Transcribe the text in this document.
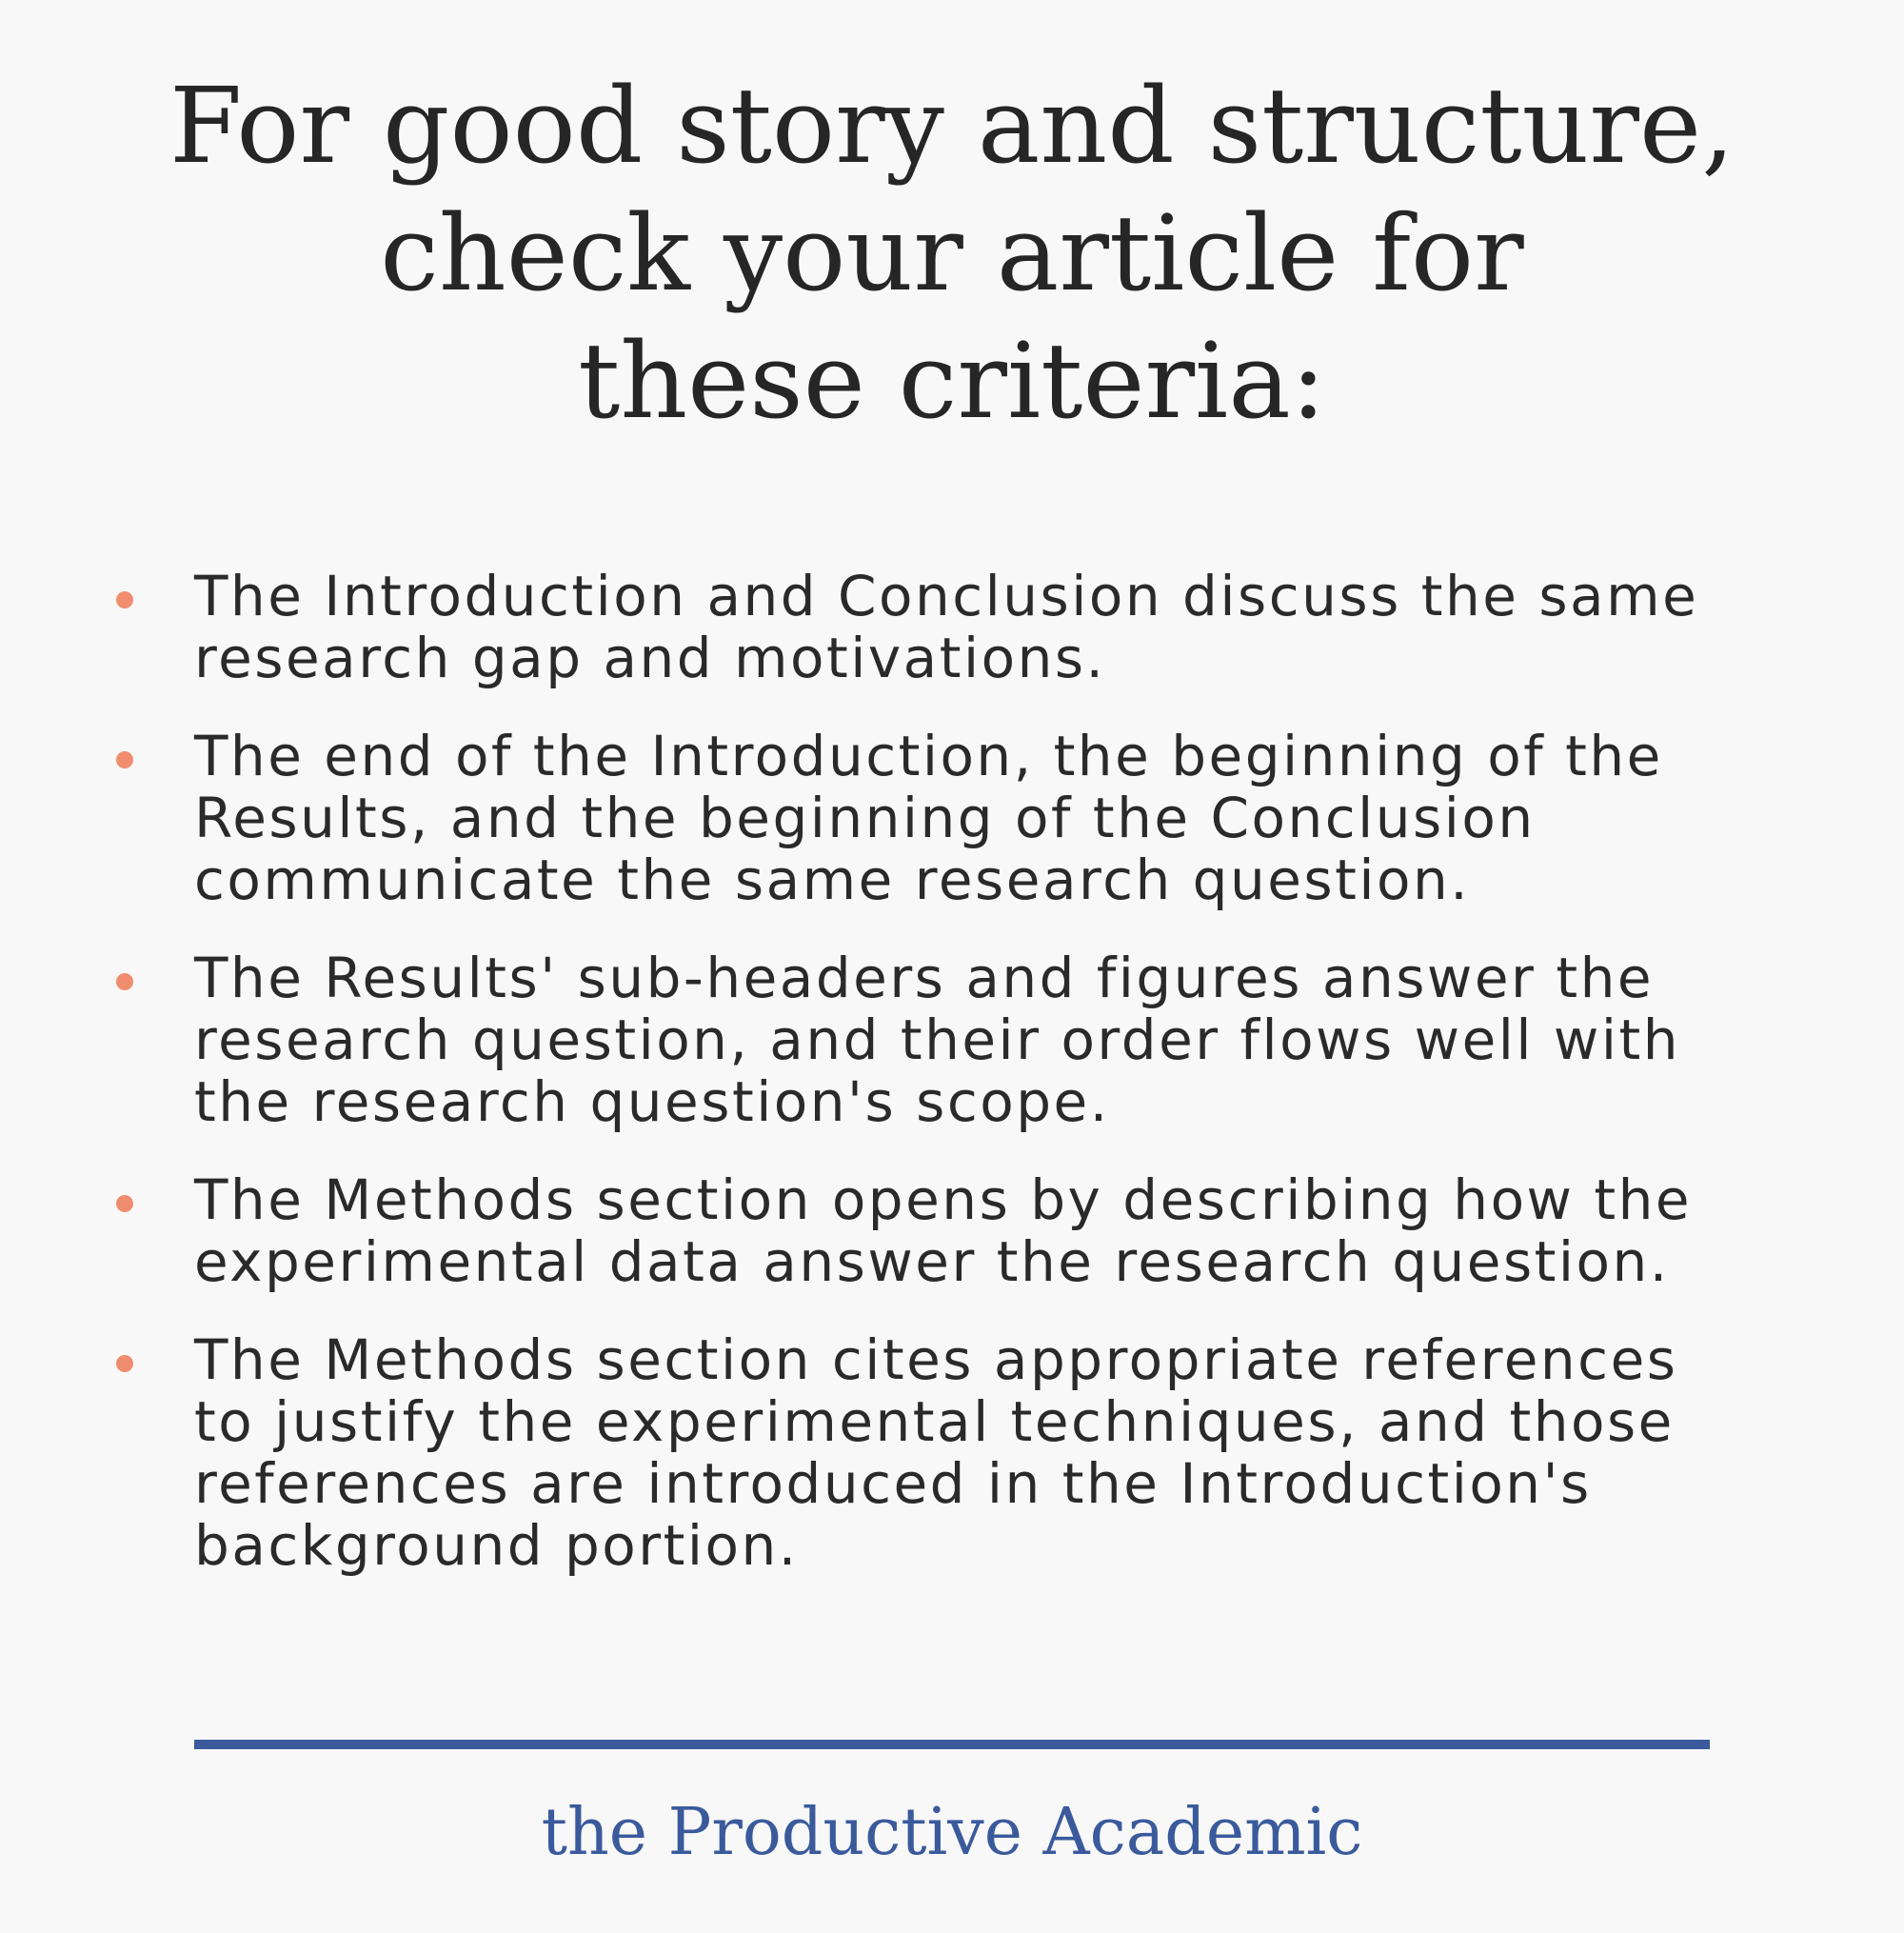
For good story and structure,
check your article for
these criteria:
The Introduction and Conclusion discuss the same research gap and motivations.
The end of the Introduction, the beginning of the Results, and the beginning of the Conclusion communicate the same research question.
The Results' sub-headers and figures answer the research question, and their order flows well with the research question's scope.
The Methods section opens by describing how the experimental data answer the research question.
The Methods section cites appropriate references to justify the experimental techniques, and those references are introduced in the Introduction's background portion.
the Productive Academic
